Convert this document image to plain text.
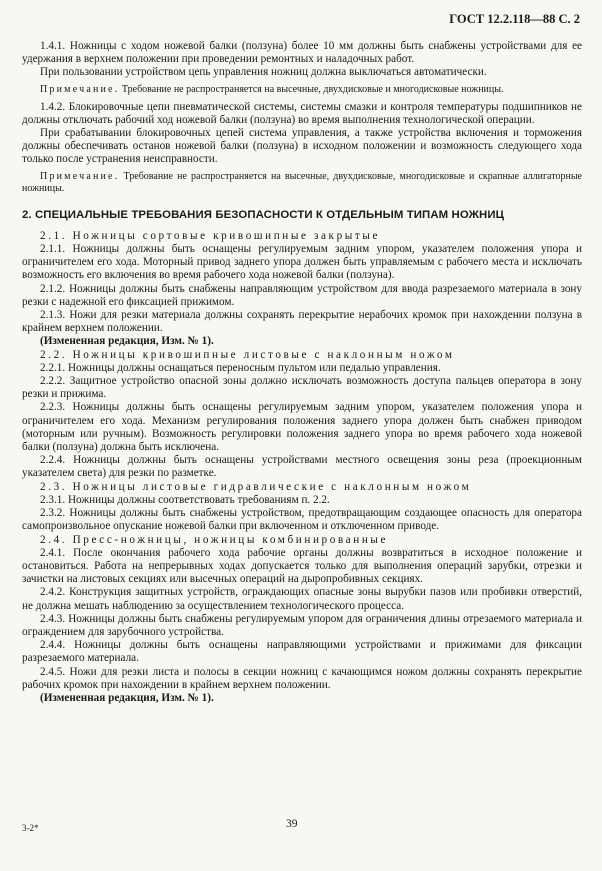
ГОСТ 12.2.118—88 С. 2

1.4.1. Ножницы с ходом ножевой балки (ползуна) более 10 мм должны быть снабжены устройствами для ее удержания в верхнем положении при проведении ремонтных и наладочных работ.

При пользовании устройством цепь управления ножниц должна выключаться автоматически.

Примечание. Требование не распространяется на высечные, двухдисковые и многодисковые ножницы.

1.4.2. Блокировочные цепи пневматической системы, системы смазки и контроля температуры подшипников не должны отключать рабочий ход ножевой балки (ползуна) во время выполнения технологической операции.

При срабатывании блокировочных цепей система управления, а также устройства включения и торможения должны обеспечивать останов ножевой балки (ползуна) в исходном положении и возможность следующего хода только после устранения неисправности.

Примечание. Требование не распространяется на высечные, двухдисковые, многодисковые и скрапные аллигаторные ножницы.

2. СПЕЦИАЛЬНЫЕ ТРЕБОВАНИЯ БЕЗОПАСНОСТИ К ОТДЕЛЬНЫМ ТИПАМ НОЖНИЦ

2.1. Ножницы сортовые кривошипные закрытые

2.1.1. Ножницы должны быть оснащены регулируемым задним упором, указателем положения упора и ограничителем его хода. Моторный привод заднего упора должен быть управляемым с рабочего места и исключать возможность его включения во время рабочего хода ножевой балки (ползуна).

2.1.2. Ножницы должны быть снабжены направляющим устройством для ввода разрезаемого материала в зону резки с надежной его фиксацией прижимом.

2.1.3. Ножи для резки материала должны сохранять перекрытие нерабочих кромок при нахождении ползуна в крайнем верхнем положении.

(Измененная редакция, Изм. № 1).

2.2. Ножницы кривошипные листовые с наклонным ножом

2.2.1. Ножницы должны оснащаться переносным пультом или педалью управления.

2.2.2. Защитное устройство опасной зоны должно исключать возможность доступа пальцев оператора в зону резки и прижима.

2.2.3. Ножницы должны быть оснащены регулируемым задним упором, указателем положения упора и ограничителем его хода. Механизм регулирования положения заднего упора должен быть снабжен приводом (моторным или ручным). Возможность регулировки положения заднего упора во время рабочего хода ножевой балки (ползуна) должна быть исключена.

2.2.4. Ножницы должны быть оснащены устройствами местного освещения зоны реза (проекционным указателем света) для резки по разметке.

2.3. Ножницы листовые гидравлические с наклонным ножом

2.3.1. Ножницы должны соответствовать требованиям п. 2.2.

2.3.2. Ножницы должны быть снабжены устройством, предотвращающим создающее опасность для оператора самопроизвольное опускание ножевой балки при включенном и отключенном приводе.

2.4. Пресс-ножницы, ножницы комбинированные

2.4.1. После окончания рабочего хода рабочие органы должны возвратиться в исходное положение и остановиться. Работа на непрерывных ходах допускается только для выполнения операций зарубки, отрезки и зачистки на листовых секциях или высечных операций на дыропробивных секциях.

2.4.2. Конструкция защитных устройств, ограждающих опасные зоны вырубки пазов или пробивки отверстий, не должна мешать наблюдению за осуществлением технологического процесса.

2.4.3. Ножницы должны быть снабжены регулируемым упором для ограничения длины отрезаемого материала и ограждением для зарубочного устройства.

2.4.4. Ножницы должны быть оснащены направляющими устройствами и прижимами для фиксации разрезаемого материала.

2.4.5. Ножи для резки листа и полосы в секции ножниц с качающимся ножом должны сохранять перекрытие рабочих кромок при нахождении в крайнем верхнем положении.

(Измененная редакция, Изм. № 1).

3-2*	39
